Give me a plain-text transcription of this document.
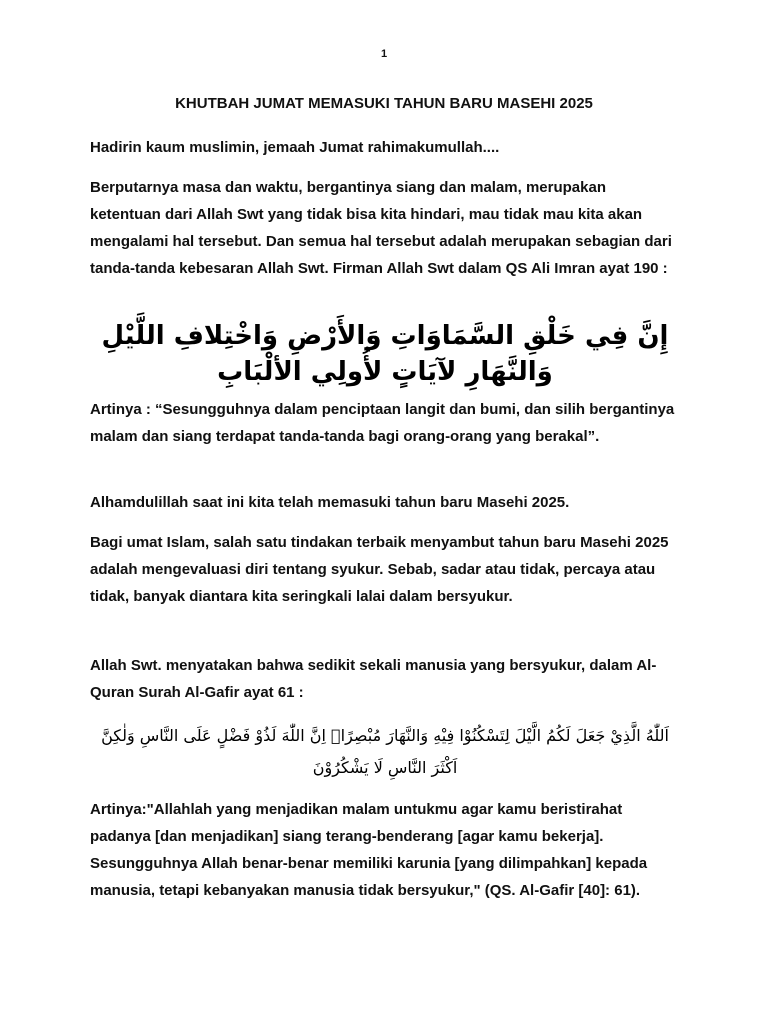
1
KHUTBAH JUMAT MEMASUKI TAHUN BARU MASEHI 2025

Hadirin kaum muslimin, jemaah Jumat rahimakumullah....

Berputarnya masa dan waktu, bergantinya siang dan malam, merupakan ketentuan dari Allah Swt yang tidak bisa kita hindari, mau tidak mau kita akan mengalami hal tersebut. Dan semua hal tersebut adalah merupakan sebagian dari tanda-tanda kebesaran Allah Swt. Firman Allah Swt dalam QS Ali Imran ayat 190 :

إِنَّ فِي خَلْقِ السَّمَاوَاتِ وَالأَرْضِ وَاخْتِلافِ اللَّيْلِ وَالنَّهَارِ لآيَاتٍ لأُولِي الألْبَابِ

Artinya : “Sesungguhnya dalam penciptaan langit dan bumi, dan silih bergantinya malam dan siang terdapat tanda-tanda bagi orang-orang yang berakal”.

Alhamdulillah saat ini kita telah memasuki tahun baru Masehi 2025.

Bagi umat Islam, salah satu tindakan terbaik menyambut tahun baru Masehi 2025 adalah mengevaluasi diri tentang syukur. Sebab, sadar atau tidak, percaya atau tidak, banyak diantara kita seringkali lalai dalam bersyukur.

Allah Swt. menyatakan bahwa sedikit sekali manusia yang bersyukur, dalam Al-Quran Surah Al-Gafir ayat 61 :

اَللّٰهُ الَّذِيْ جَعَلَ لَكُمُ الَّيْلَ لِتَسْكُنُوْا فِيْهِ وَالنَّهَارَ مُبْصِرًاۗ اِنَّ اللّٰهَ لَذُوْ فَضْلٍ عَلَى النَّاسِ وَلٰكِنَّ اَكْثَرَ النَّاسِ لَا يَشْكُرُوْنَ

Artinya:"Allahlah yang menjadikan malam untukmu agar kamu beristirahat padanya [dan menjadikan] siang terang-benderang [agar kamu bekerja]. Sesungguhnya Allah benar-benar memiliki karunia [yang dilimpahkan] kepada manusia, tetapi kebanyakan manusia tidak bersyukur," (QS. Al-Gafir [40]: 61).
